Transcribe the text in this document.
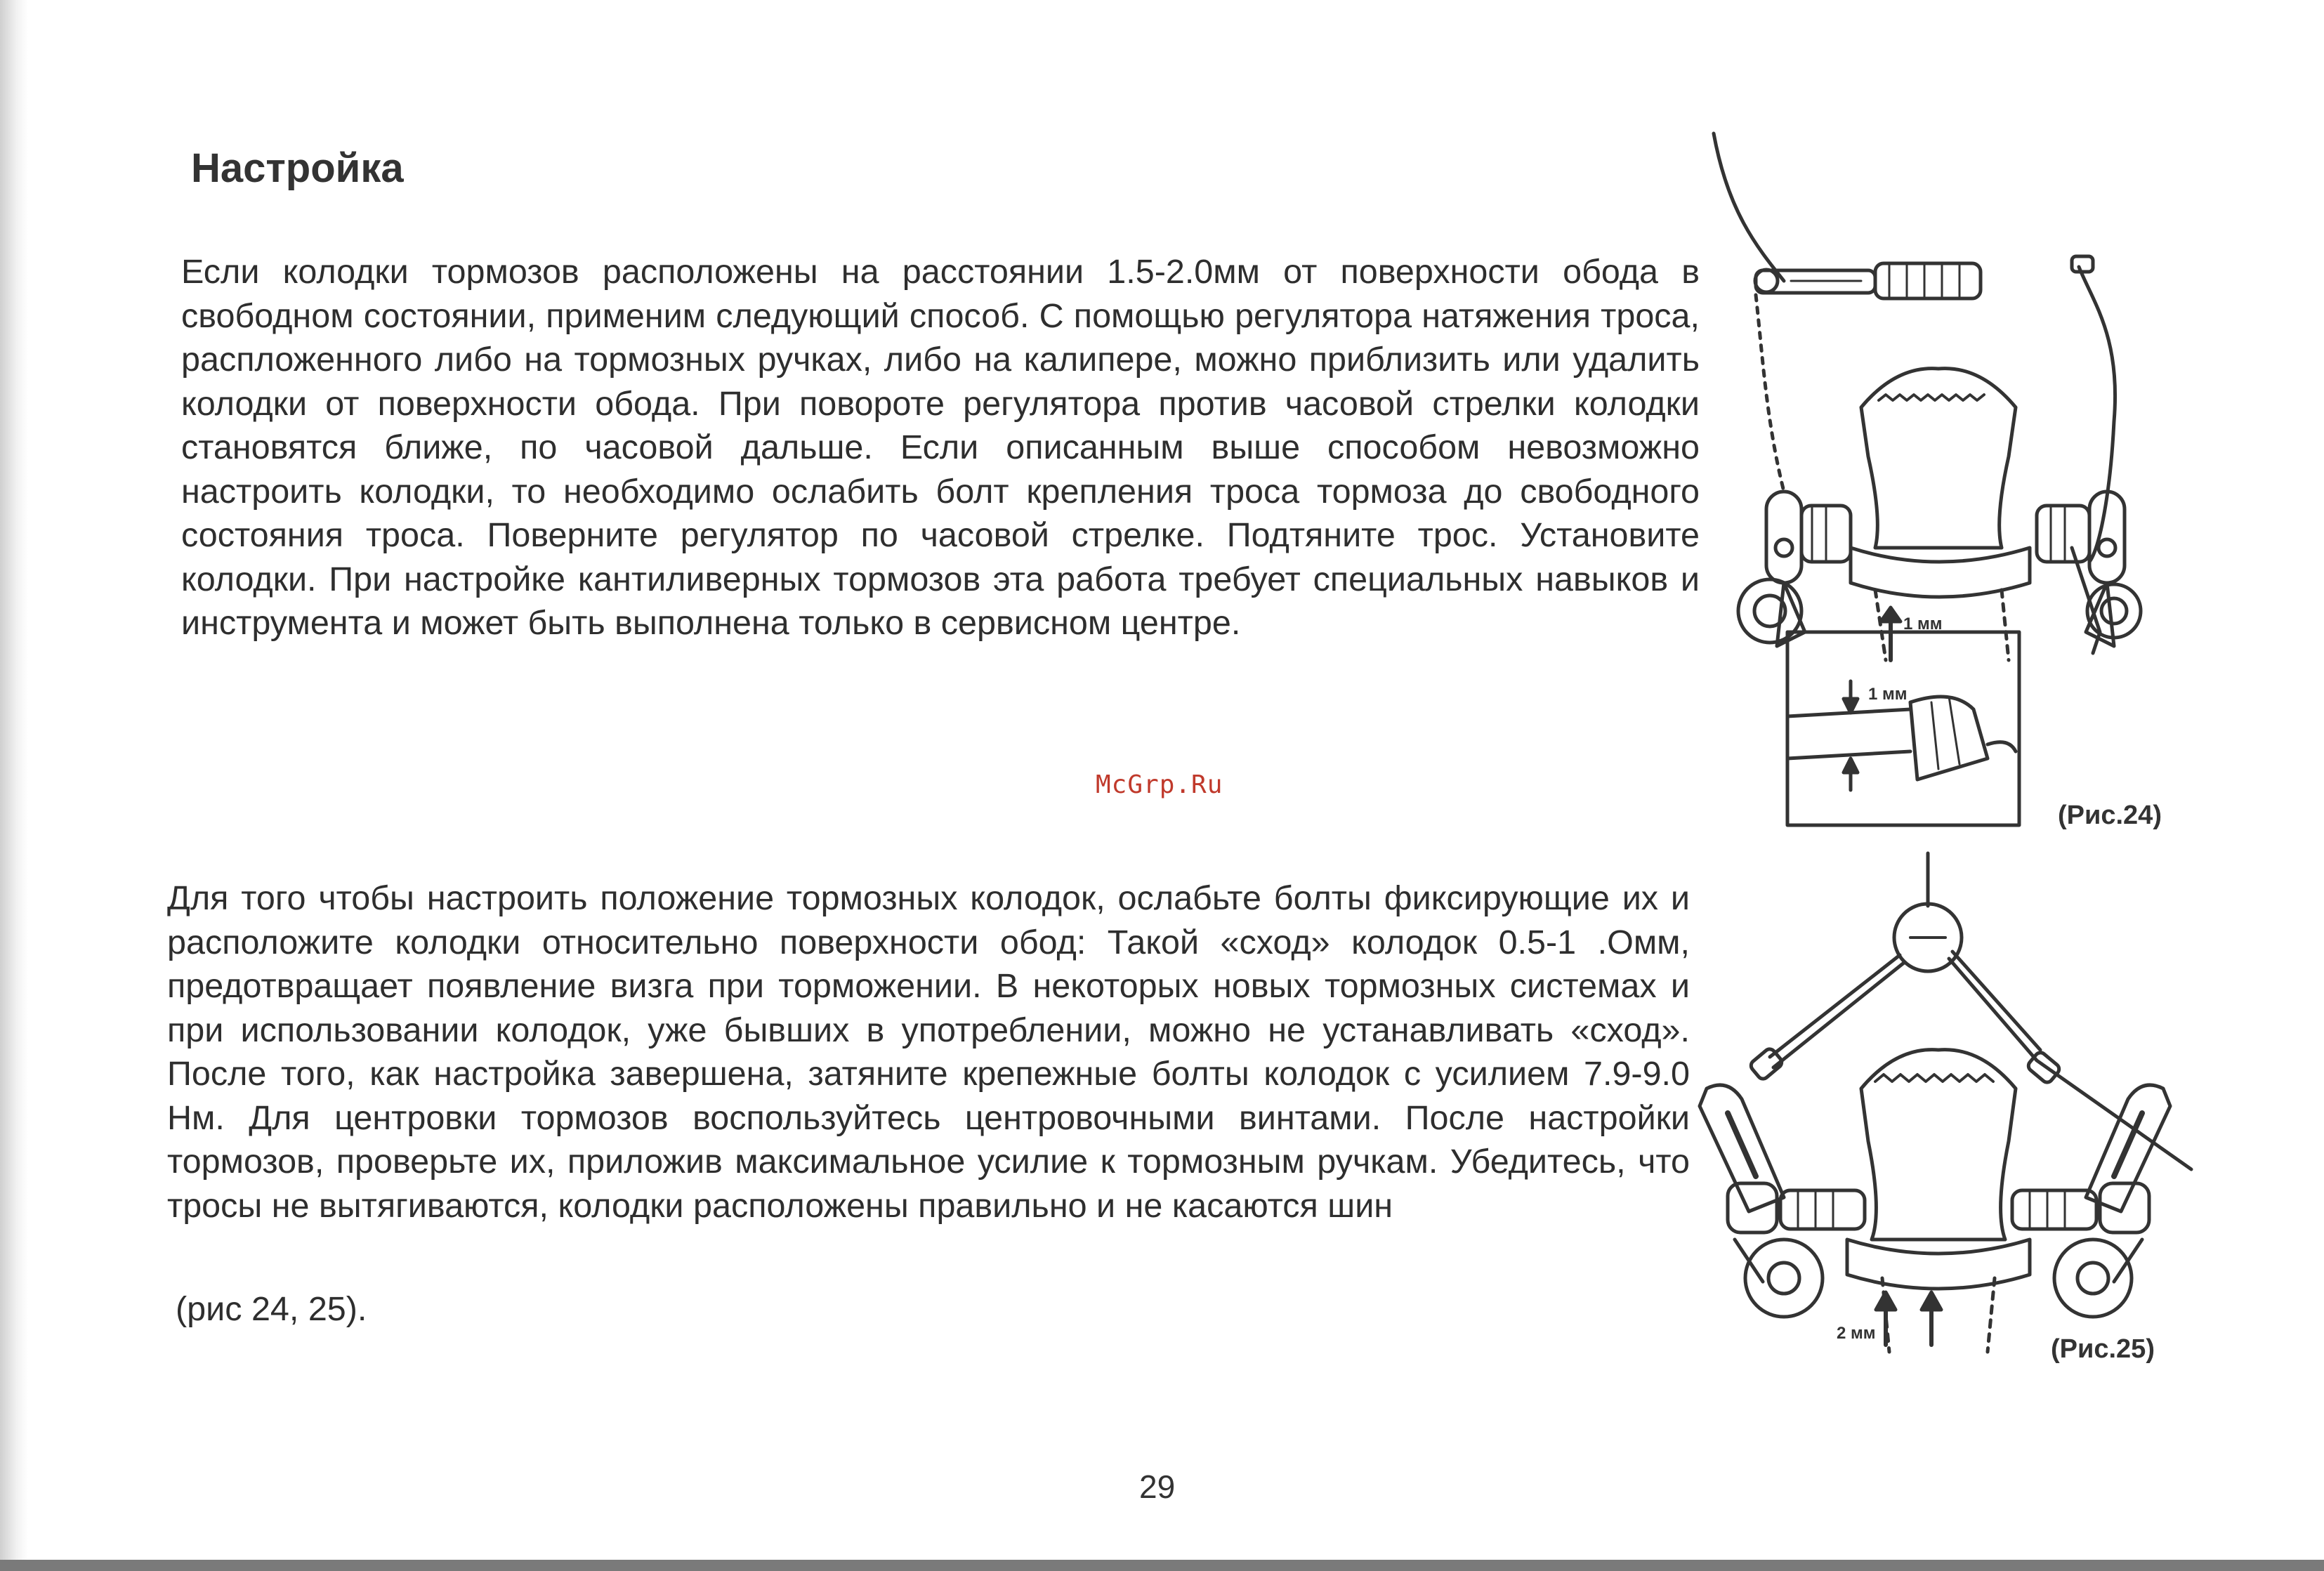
Настройка

Если колодки тормозов расположены на расстоянии 1.5-2.0мм от поверхности обода в свободном состоянии, применим следующий способ. С помощью регулятора натяжения троса, распложенного либо на тормозных ручках, либо на калипере, можно приблизить или удалить колодки от поверхности обода. При повороте регулятора против часовой стрелки колодки становятся ближе, по часовой дальше. Если описанным выше способом невозможно настроить колодки, то необходимо ослабить болт крепления троса тормоза до свободного состояния троса. Поверните регулятор по часовой стрелке. Подтяните трос. Установите колодки. При настройке кантиливерных тормозов эта работа требует специальных навыков и инструмента и может быть выполнена только в сервисном центре.

McGrp.Ru

Для того чтобы настроить положение тормозных колодок, ослабьте болты фиксирующие их и расположите колодки относительно поверхности обод: Такой «сход» колодок 0.5-1 .Омм, предотвращает появление визга при торможении. В некоторых новых тормозных системах и при использовании колодок, уже бывших в употреблении, можно не устанавливать «сход». После того, как настройка завершена, затяните крепежные болты колодок с усилием 7.9-9.0 Нм. Для центровки тормозов воспользуйтесь центровочными винтами. После настройки тормозов, проверьте их, приложив максимальное усилие к тормозным ручкам. Убедитесь, что тросы не вытягиваются, колодки расположены правильно и не касаются шин

(рис 24, 25).

1 мм
1 мм
(Рис.24)
2 мм
(Рис.25)
29
